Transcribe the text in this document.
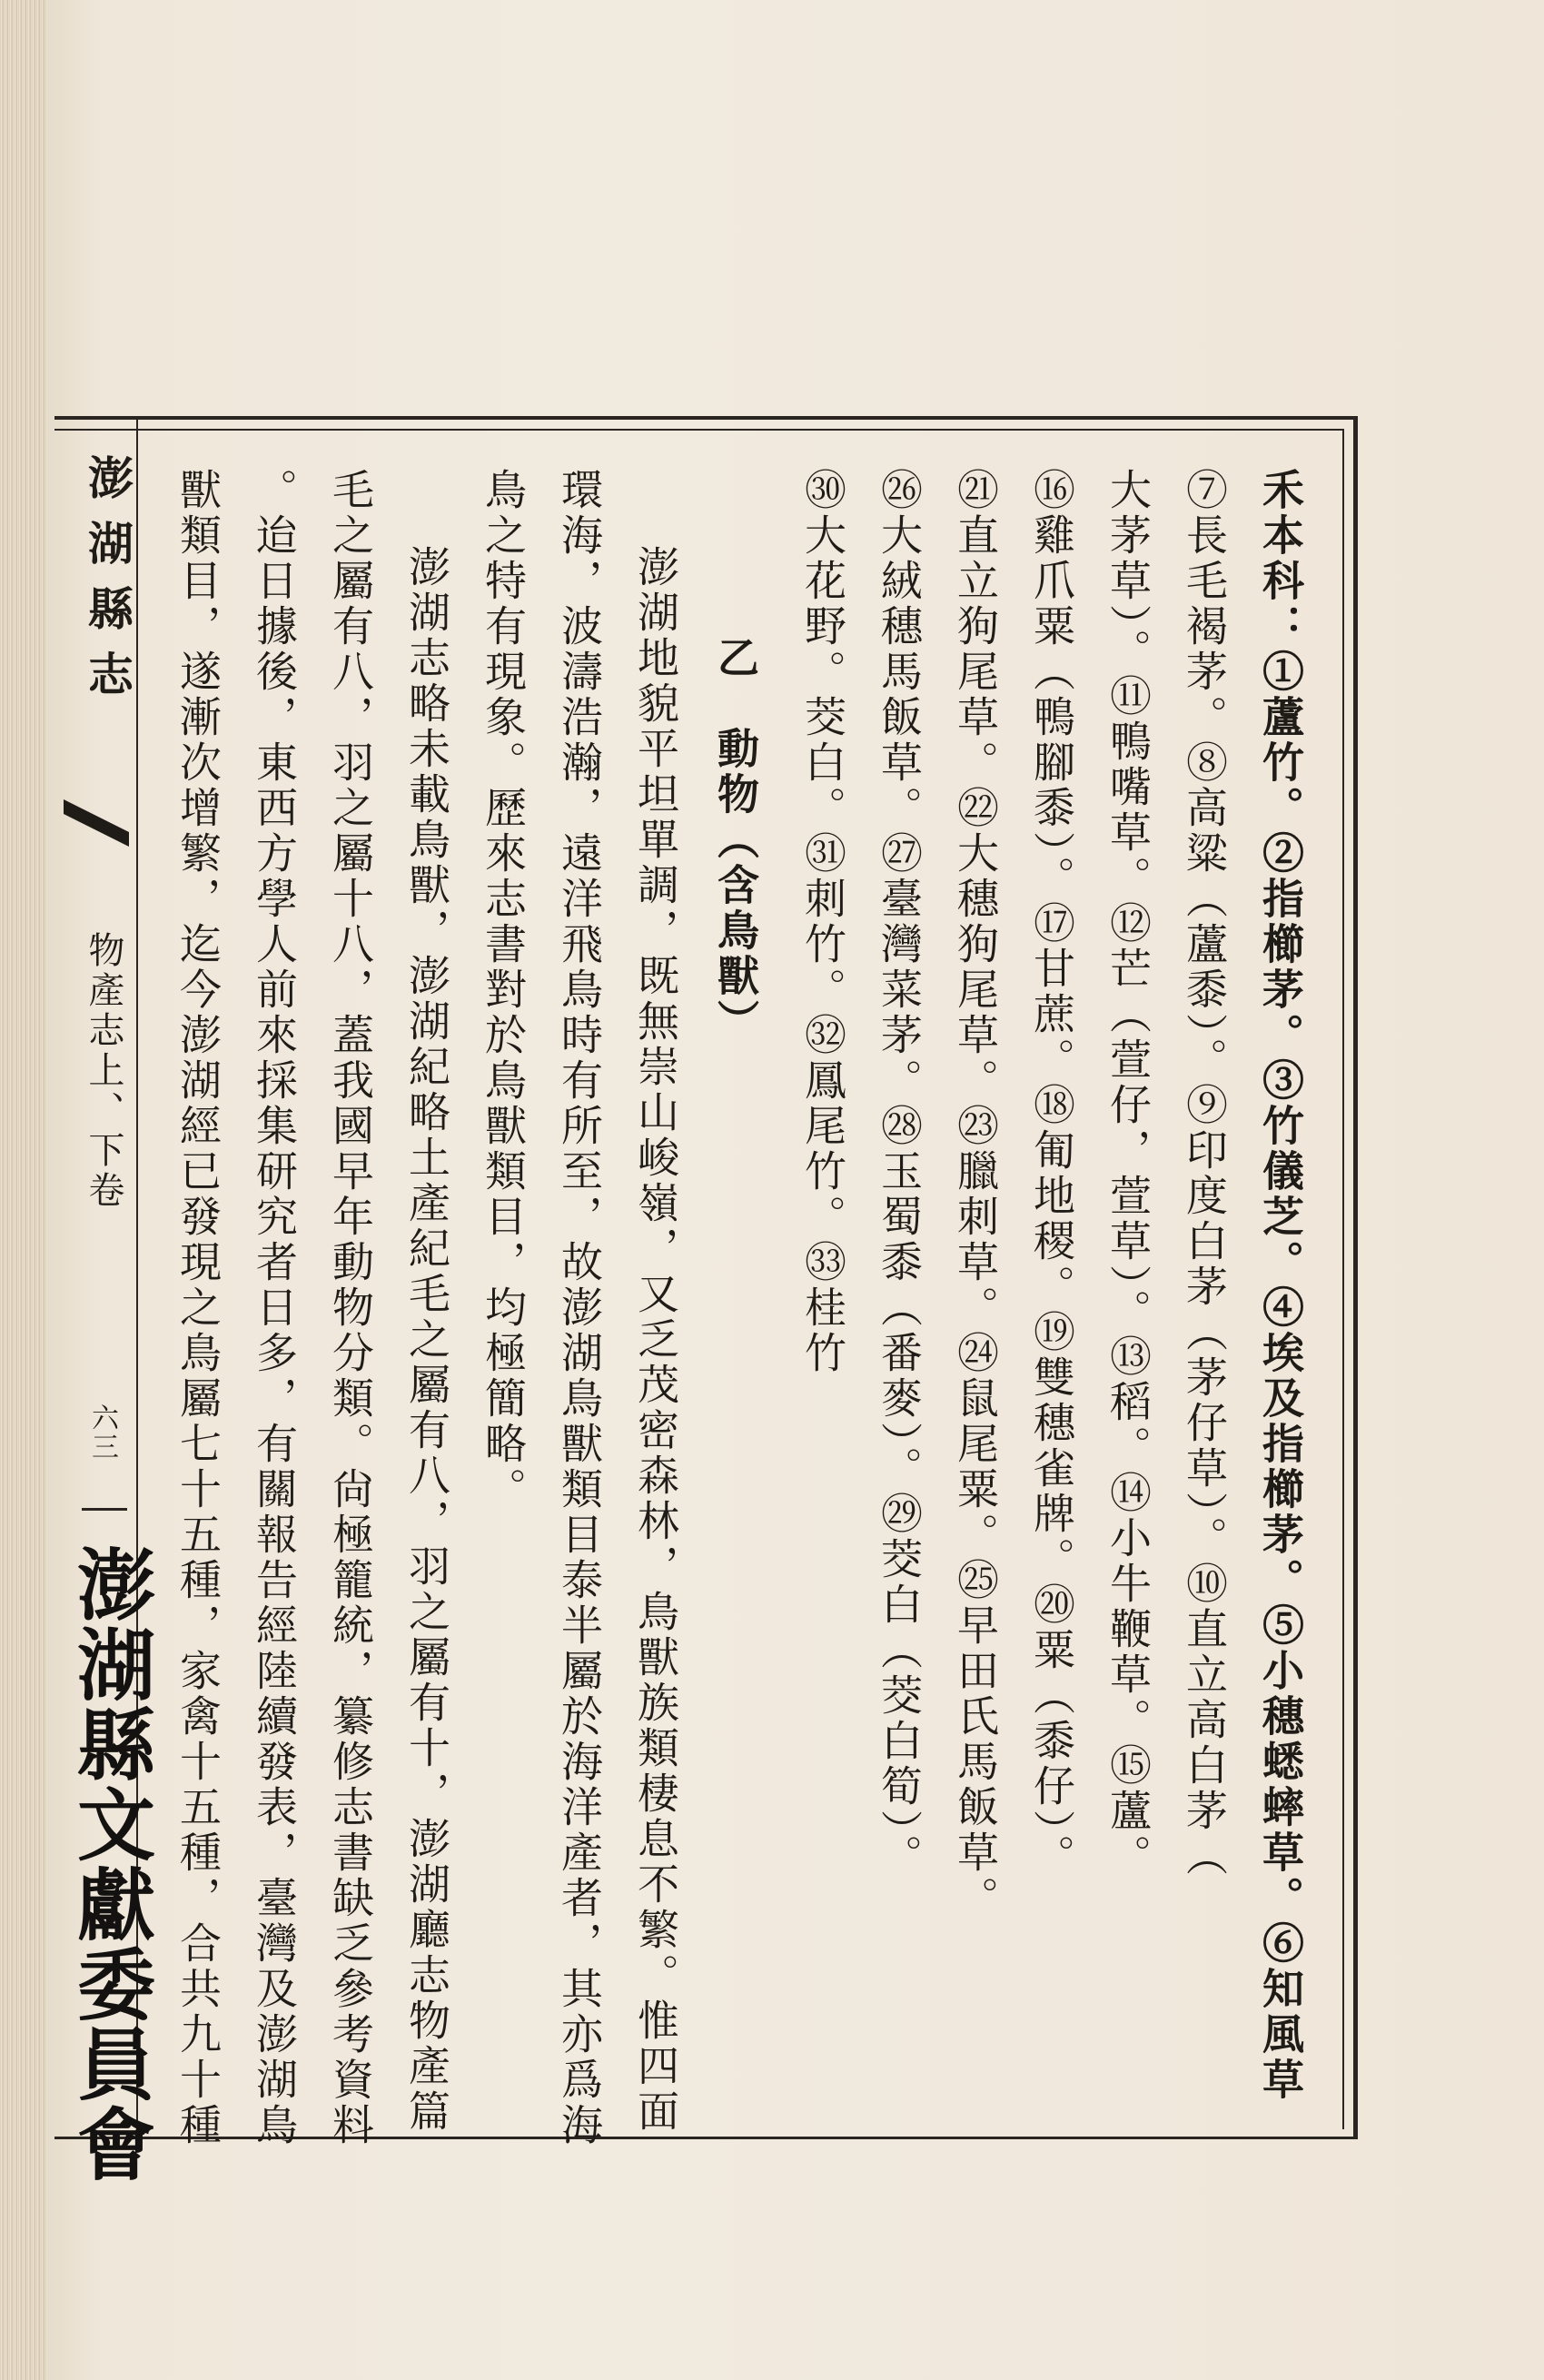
澎湖縣志
物產志上、下卷
六三
澎湖縣文獻委員會	禾本科：①蘆竹。②指櫛茅。③竹儀芝。④埃及指櫛茅。⑤小穗蟋蟀草。⑥知風草
⑦長毛褐茅。⑧高粱（蘆黍）。⑨印度白茅（茅仔草）。⑩直立高白茅（
大茅草）。⑪鴨嘴草。⑫芒（萱仔，萱草）。⑬稻。⑭小牛鞭草。⑮蘆。
⑯雞爪粟（鴨腳黍）。⑰甘蔗。⑱匍地稷。⑲雙穗雀牌。⑳粟（黍仔）。
㉑直立狗尾草。㉒大穗狗尾草。㉓臘刺草。㉔鼠尾粟。㉕早田氏馬飯草。
㉖大絨穗馬飯草。㉗臺灣菜茅。㉘玉蜀黍（番麥）。㉙茭白（茭白筍）。
㉚大花野。茭白。㉛刺竹。㉜鳳尾竹。㉝桂竹
乙　動物（含鳥獸）
澎湖地貌平坦單調，既無崇山峻嶺，又乏茂密森林，鳥獸族類棲息不繁。惟四面
環海，波濤浩瀚，遠洋飛鳥時有所至，故澎湖鳥獸類目泰半屬於海洋產者，其亦爲海
鳥之特有現象。歷來志書對於鳥獸類目，均極簡略。
澎湖志略未載鳥獸，澎湖紀略土產紀毛之屬有八，羽之屬有十，澎湖廳志物產篇
毛之屬有八，羽之屬十八，蓋我國早年動物分類。尙極籠統，纂修志書缺乏參考資料
。迨日據後，東西方學人前來採集研究者日多，有關報告經陸續發表，臺灣及澎湖鳥
獸類目，遂漸次增繁，迄今澎湖經已發現之鳥屬七十五種，家禽十五種，合共九十種
